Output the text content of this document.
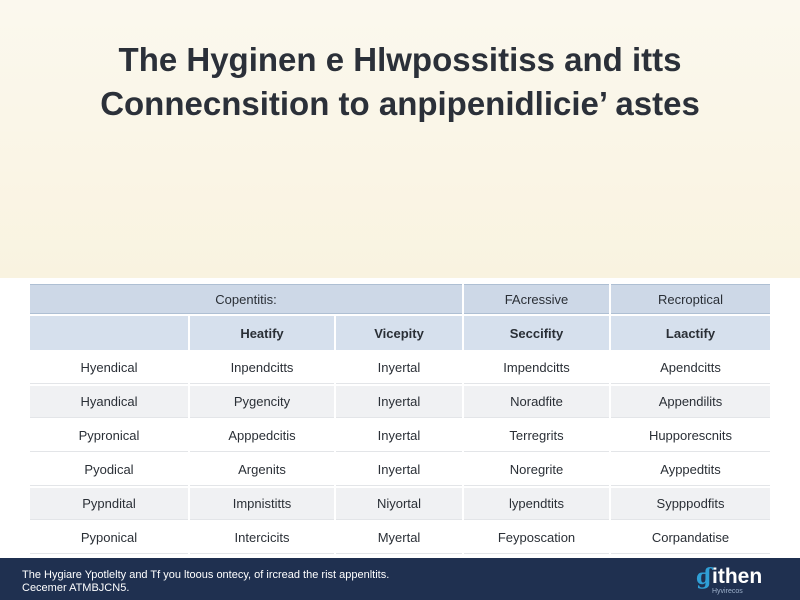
The Hyginen e Hlwpossitiss and itts
Connecnsition to anpipenidlicie’ astes
Copentitis:			FAcressive	Recroptical
	Heatify	Vicepity	Seccifity	Laactify
Hyendical	Inpendcitts	Inyertal	Impendcitts	Apendcitts
Hyandical	Pygencity	Inyertal	Noradfite	Appendilits
Pypronical	Apppedcitis	Inyertal	Terregrits	Hupporescnits
Pyodical	Argenits	Inyertal	Noregrite	Ayppedtits
Pypndital	Impnistitts	Niyortal	lypendtits	Sypppodfits
Pyponical	Intercicits	Myertal	Feyposcation	Corpandatise
The Hygiare Ypotlelty and Tf you ltoous ontecy, of ircread the rist appenltits.
Cecemer ATMBJCN5.	ɠ ithen
Hyvirecos
